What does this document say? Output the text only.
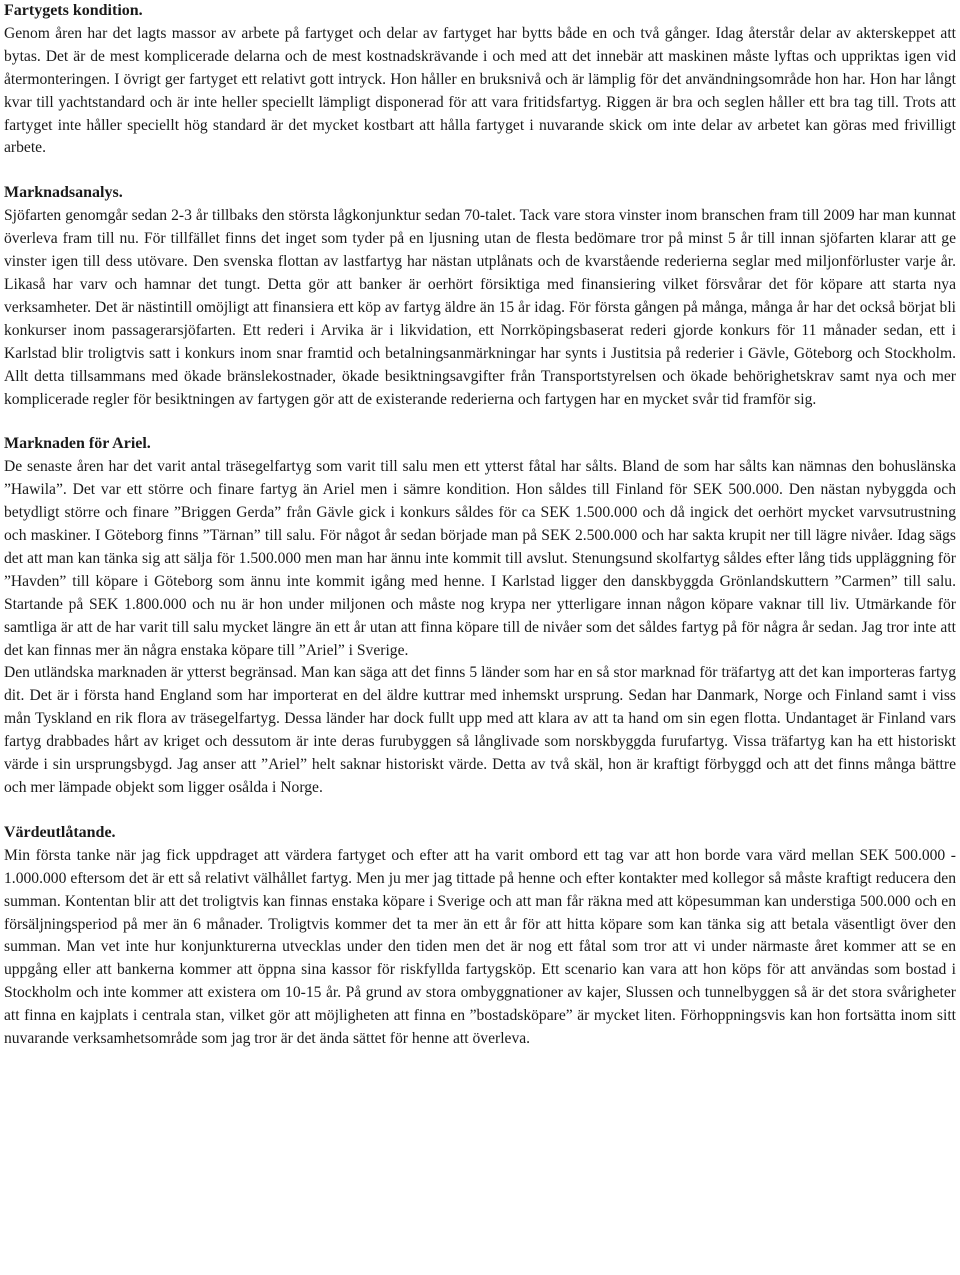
Fartygets kondition.

Genom åren har det lagts massor av arbete på fartyget och delar av fartyget har bytts både en och två gånger. Idag återstår delar av akterskeppet att bytas. Det är de mest komplicerade delarna och de mest kostnadskrävande i och med att det innebär att maskinen måste lyftas och uppriktas igen vid återmonteringen. I övrigt ger fartyget ett relativt gott intryck. Hon håller en bruksnivå och är lämplig för det användningsområde hon har. Hon har långt kvar till yachtstandard och är inte heller speciellt lämpligt disponerad för att vara fritidsfartyg. Riggen är bra och seglen håller ett bra tag till. Trots att fartyget inte håller speciellt hög standard är det mycket kostbart att hålla fartyget i nuvarande skick om inte delar av arbetet kan göras med frivilligt arbete.

Marknadsanalys.

Sjöfarten genomgår sedan 2-3 år tillbaks den största lågkonjunktur sedan 70-talet. Tack vare stora vinster inom branschen fram till 2009 har man kunnat överleva fram till nu. För tillfället finns det inget som tyder på en ljusning utan de flesta bedömare tror på minst 5 år till innan sjöfarten klarar att ge vinster igen till dess utövare. Den svenska flottan av lastfartyg har nästan utplånats och de kvarstående rederierna seglar med miljonförluster varje år. Likaså har varv och hamnar det tungt. Detta gör att banker är oerhört försiktiga med finansiering vilket försvårar det för köpare att starta nya verksamheter. Det är nästintill omöjligt att finansiera ett köp av fartyg äldre än 15 år idag. För första gången på många, många år har det också börjat bli konkurser inom passagerarsjöfarten. Ett rederi i Arvika är i likvidation, ett Norrköpingsbaserat rederi gjorde konkurs för 11 månader sedan, ett i Karlstad blir troligtvis satt i konkurs inom snar framtid och betalningsanmärkningar har synts i Justitsia på rederier i Gävle, Göteborg och Stockholm. Allt detta tillsammans med ökade bränslekostnader, ökade besiktningsavgifter från Transportstyrelsen och ökade behörighetskrav samt nya och mer komplicerade regler för besiktningen av fartygen gör att de existerande rederierna och fartygen har en mycket svår tid framför sig.

Marknaden för Ariel.

De senaste åren har det varit antal träsegelfartyg som varit till salu men ett ytterst fåtal har sålts. Bland de som har sålts kan nämnas den bohuslänska ”Hawila”. Det var ett större och finare fartyg än Ariel men i sämre kondition. Hon såldes till Finland för SEK 500.000. Den nästan nybyggda och betydligt större och finare ”Briggen Gerda” från Gävle gick i konkurs såldes för ca SEK 1.500.000 och då ingick det oerhört mycket varvsutrustning och maskiner. I Göteborg finns ”Tärnan” till salu. För något år sedan började man på SEK 2.500.000 och har sakta krupit ner till lägre nivåer. Idag sägs det att man kan tänka sig att sälja för 1.500.000 men man har ännu inte kommit till avslut. Stenungsund skolfartyg såldes efter lång tids uppläggning för ”Havden” till köpare i Göteborg som ännu inte kommit igång med henne. I Karlstad ligger den danskbyggda Grönlandskuttern ”Carmen” till salu. Startande på SEK 1.800.000 och nu är hon under miljonen och måste nog krypa ner ytterligare innan någon köpare vaknar till liv. Utmärkande för samtliga är att de har varit till salu mycket längre än ett år utan att finna köpare till de nivåer som det såldes fartyg på för några år sedan. Jag tror inte att det kan finnas mer än några enstaka köpare till ”Ariel” i Sverige.

Den utländska marknaden är ytterst begränsad. Man kan säga att det finns 5 länder som har en så stor marknad för träfartyg att det kan importeras fartyg dit. Det är i första hand England som har importerat en del äldre kuttrar med inhemskt ursprung. Sedan har Danmark, Norge och Finland samt i viss mån Tyskland en rik flora av träsegelfartyg. Dessa länder har dock fullt upp med att klara av att ta hand om sin egen flotta. Undantaget är Finland vars fartyg drabbades hårt av kriget och dessutom är inte deras furubyggen så långlivade som norskbyggda furufartyg. Vissa träfartyg kan ha ett historiskt värde i sin ursprungsbygd. Jag anser att ”Ariel” helt saknar historiskt värde. Detta av två skäl, hon är kraftigt förbyggd och att det finns många bättre och mer lämpade objekt som ligger osålda i Norge.

Värdeutlåtande.

Min första tanke när jag fick uppdraget att värdera fartyget och efter att ha varit ombord ett tag var att hon borde vara värd mellan SEK 500.000 - 1.000.000 eftersom det är ett så relativt välhållet fartyg. Men ju mer jag tittade på henne och efter kontakter med kollegor så måste kraftigt reducera den summan. Kontentan blir att det troligtvis kan finnas enstaka köpare i Sverige och att man får räkna med att köpesumman kan understiga 500.000 och en försäljningsperiod på mer än 6 månader. Troligtvis kommer det ta mer än ett år för att hitta köpare som kan tänka sig att betala väsentligt över den summan. Man vet inte hur konjunkturerna utvecklas under den tiden men det är nog ett fåtal som tror att vi under närmaste året kommer att se en uppgång eller att bankerna kommer att öppna sina kassor för riskfyllda fartygsköp. Ett scenario kan vara att hon köps för att användas som bostad i Stockholm och inte kommer att existera om 10-15 år. På grund av stora ombyggnationer av kajer, Slussen och tunnelbyggen så är det stora svårigheter att finna en kajplats i centrala stan, vilket gör att möjligheten att finna en ”bostadsköpare” är mycket liten. Förhoppningsvis kan hon fortsätta inom sitt nuvarande verksamhetsområde som jag tror är det ända sättet för henne att överleva.
